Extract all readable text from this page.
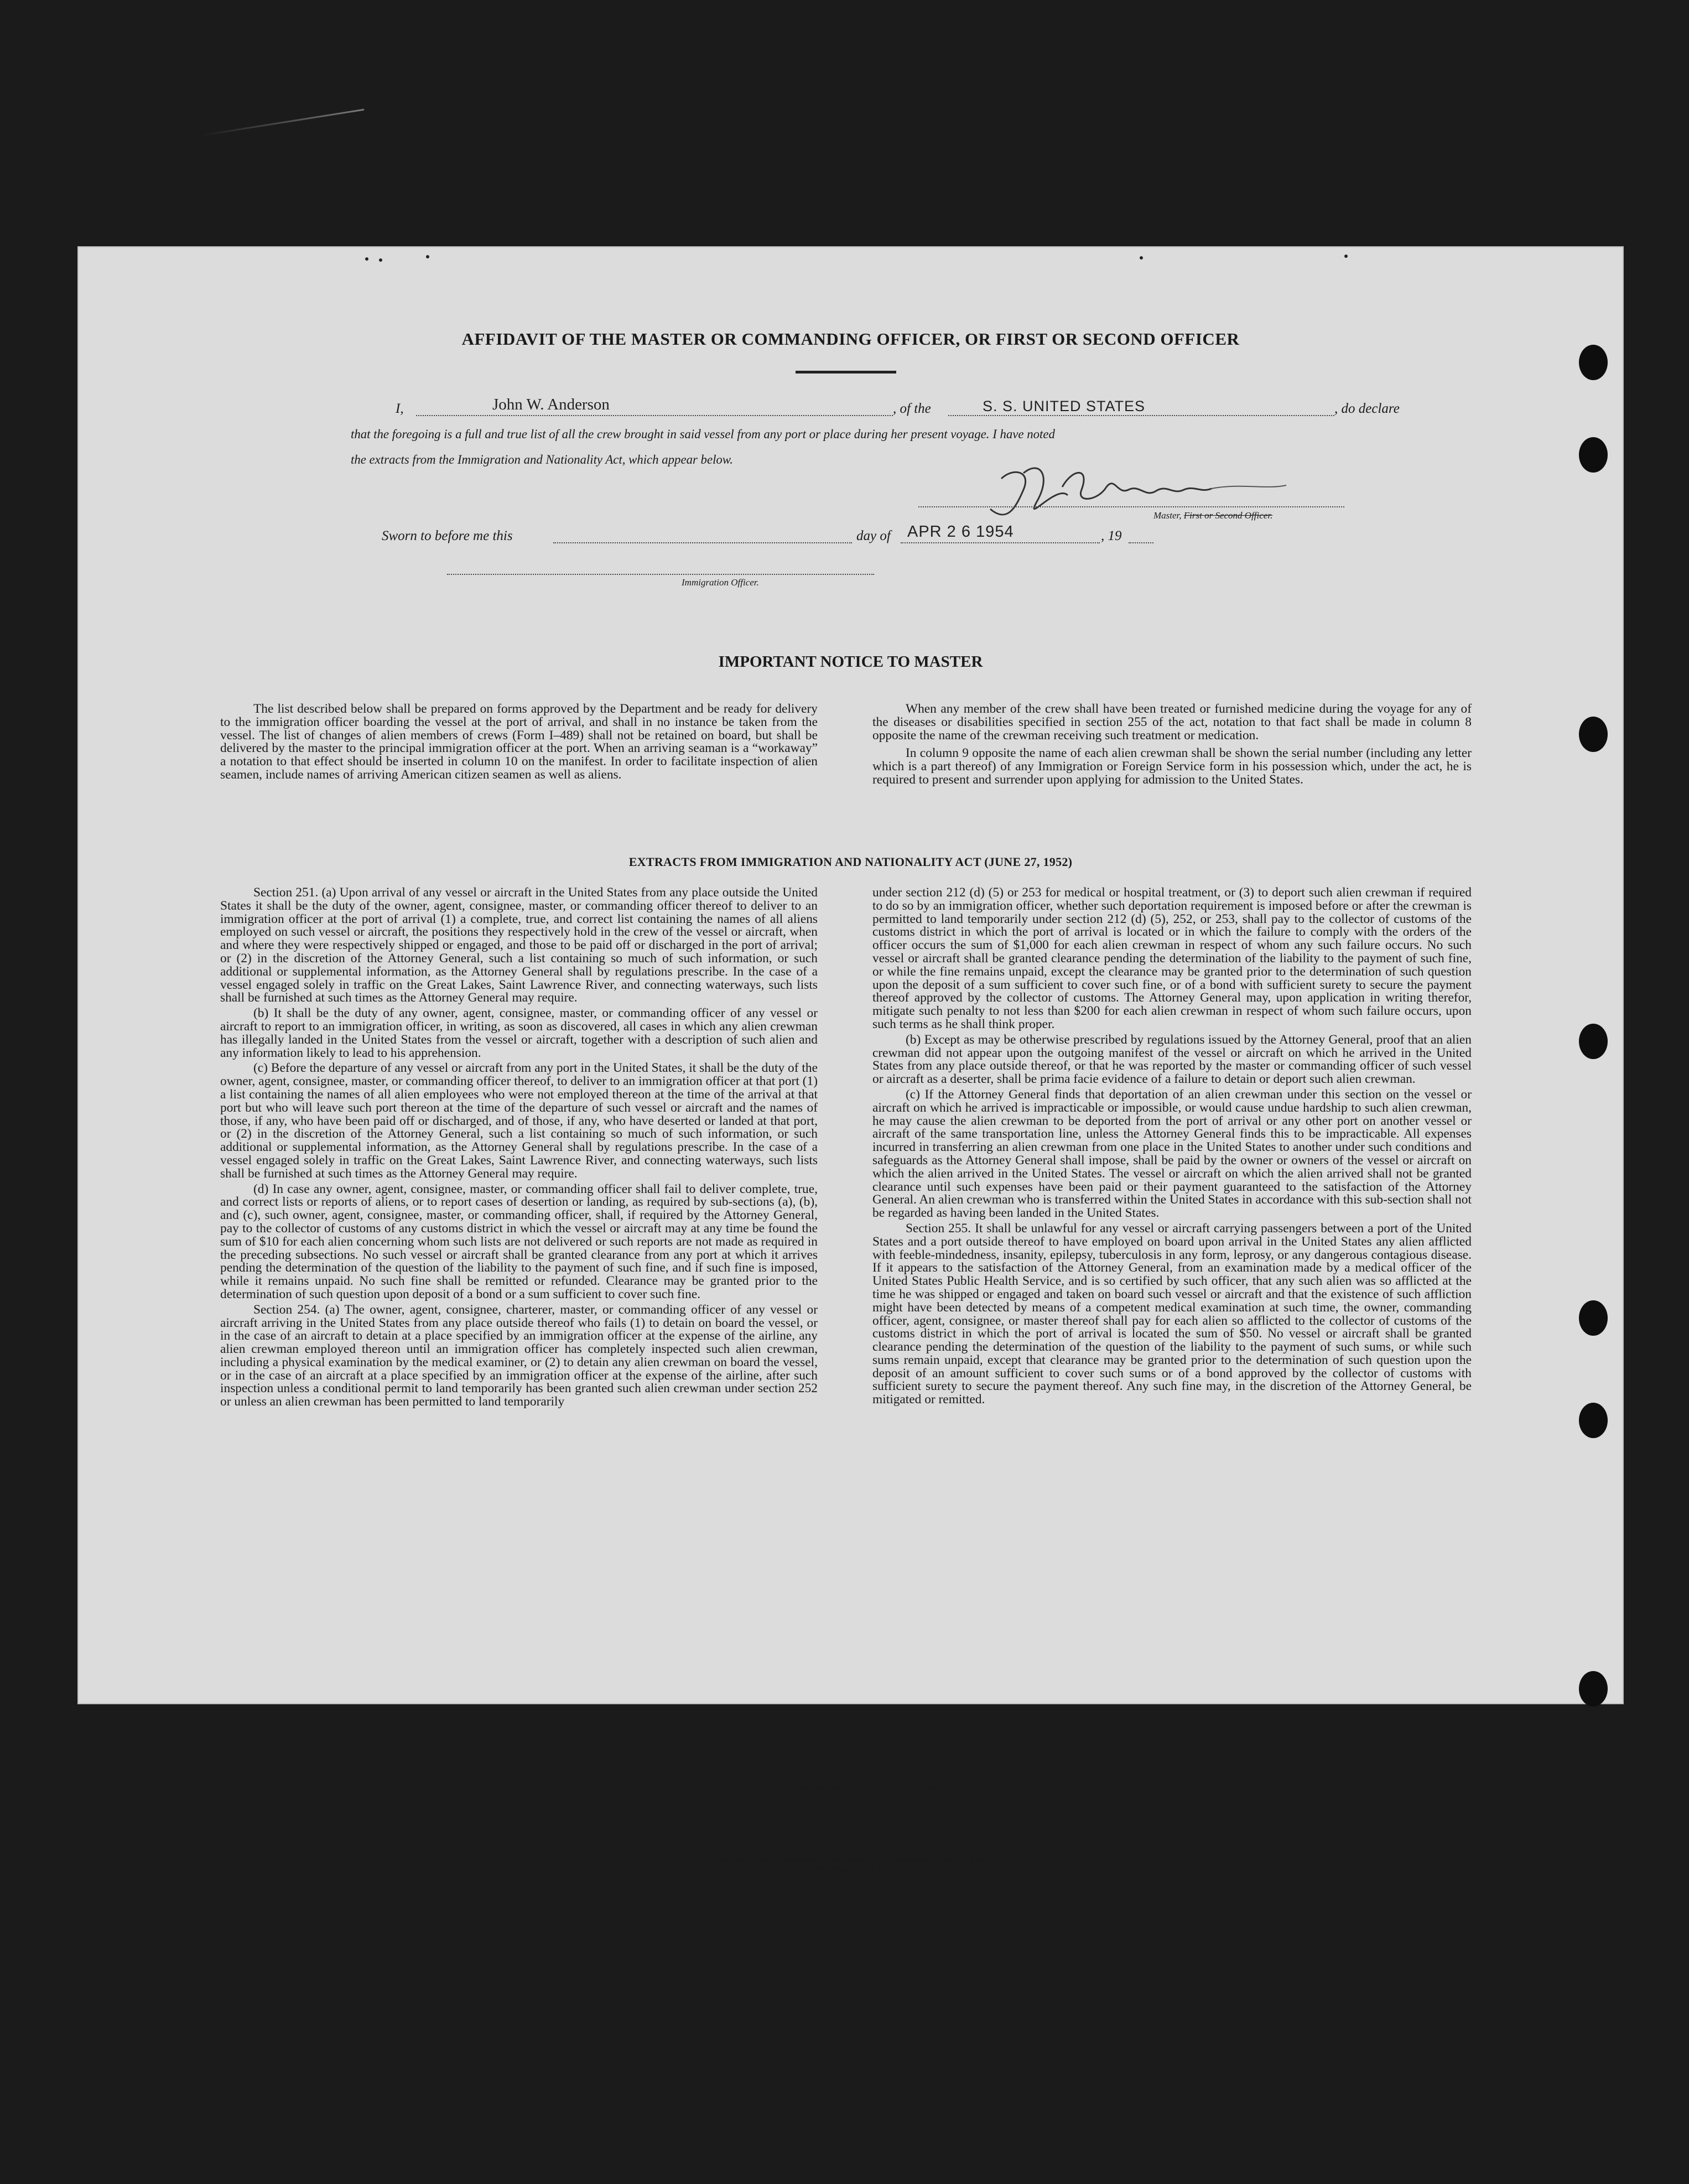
AFFIDAVIT OF THE MASTER OR COMMANDING OFFICER, OR FIRST OR SECOND OFFICER
I,	John W. Anderson	, of the	S. S. UNITED STATES	, do declare
that the foregoing is a full and true list of all the crew brought in said vessel from any port or place during her present voyage. I have noted
the extracts from the Immigration and Nationality Act, which appear below.
Master, First or Second Officer.
Sworn to before me this	day of APR 2 6 1954	, 19
Immigration Officer.
IMPORTANT NOTICE TO MASTER

The list described below shall be prepared on forms approved by the Department and be ready for delivery to the immigration officer boarding the vessel at the port of arrival, and shall in no instance be taken from the vessel. The list of changes of alien members of crews (Form I–489) shall not be retained on board, but shall be delivered by the master to the principal immigration officer at the port. When an arriving seaman is a “workaway” a notation to that effect should be inserted in column 10 on the manifest. In order to facilitate inspection of alien seamen, include names of arriving American citizen seamen as well as aliens.

When any member of the crew shall have been treated or furnished medicine during the voyage for any of the diseases or disabilities specified in section 255 of the act, notation to that fact shall be made in column 8 opposite the name of the crewman receiving such treatment or medication.

In column 9 opposite the name of each alien crewman shall be shown the serial number (including any letter which is a part thereof) of any Immigration or Foreign Service form in his possession which, under the act, he is required to present and surrender upon applying for admission to the United States.

EXTRACTS FROM IMMIGRATION AND NATIONALITY ACT (JUNE 27, 1952)

Section 251. (a) Upon arrival of any vessel or aircraft in the United States from any place outside the United States it shall be the duty of the owner, agent, consignee, master, or commanding officer thereof to deliver to an immigration officer at the port of arrival (1) a complete, true, and correct list containing the names of all aliens employed on such vessel or aircraft, the positions they respectively hold in the crew of the vessel or aircraft, when and where they were respectively shipped or engaged, and those to be paid off or discharged in the port of arrival; or (2) in the discretion of the Attorney General, such a list containing so much of such information, or such additional or supplemental information, as the Attorney General shall by regulations prescribe. In the case of a vessel engaged solely in traffic on the Great Lakes, Saint Lawrence River, and connecting waterways, such lists shall be furnished at such times as the Attorney General may require.

(b) It shall be the duty of any owner, agent, consignee, master, or commanding officer of any vessel or aircraft to report to an immigration officer, in writing, as soon as discovered, all cases in which any alien crewman has illegally landed in the United States from the vessel or aircraft, together with a description of such alien and any information likely to lead to his apprehension.

(c) Before the departure of any vessel or aircraft from any port in the United States, it shall be the duty of the owner, agent, consignee, master, or commanding officer thereof, to deliver to an immigration officer at that port (1) a list containing the names of all alien employees who were not employed thereon at the time of the arrival at that port but who will leave such port thereon at the time of the departure of such vessel or aircraft and the names of those, if any, who have been paid off or discharged, and of those, if any, who have deserted or landed at that port, or (2) in the discretion of the Attorney General, such a list containing so much of such information, or such additional or supplemental information, as the Attorney General shall by regulations prescribe. In the case of a vessel engaged solely in traffic on the Great Lakes, Saint Lawrence River, and connecting waterways, such lists shall be furnished at such times as the Attorney General may require.

(d) In case any owner, agent, consignee, master, or commanding officer shall fail to deliver complete, true, and correct lists or reports of aliens, or to report cases of desertion or landing, as required by sub-sections (a), (b), and (c), such owner, agent, consignee, master, or commanding officer, shall, if required by the Attorney General, pay to the collector of customs of any customs district in which the vessel or aircraft may at any time be found the sum of $10 for each alien concerning whom such lists are not delivered or such reports are not made as required in the preceding subsections. No such vessel or aircraft shall be granted clearance from any port at which it arrives pending the determination of the question of the liability to the payment of such fine, and if such fine is imposed, while it remains unpaid. No such fine shall be remitted or refunded. Clearance may be granted prior to the determination of such question upon deposit of a bond or a sum sufficient to cover such fine.

Section 254. (a) The owner, agent, consignee, charterer, master, or commanding officer of any vessel or aircraft arriving in the United States from any place outside thereof who fails (1) to detain on board the vessel, or in the case of an aircraft to detain at a place specified by an immigration officer at the expense of the airline, any alien crewman employed thereon until an immigration officer has completely inspected such alien crewman, including a physical examination by the medical examiner, or (2) to detain any alien crewman on board the vessel, or in the case of an aircraft at a place specified by an immigration officer at the expense of the airline, after such inspection unless a conditional permit to land temporarily has been granted such alien crewman under section 252 or unless an alien crewman has been permitted to land temporarily

under section 212 (d) (5) or 253 for medical or hospital treatment, or (3) to deport such alien crewman if required to do so by an immigration officer, whether such deportation requirement is imposed before or after the crewman is permitted to land temporarily under section 212 (d) (5), 252, or 253, shall pay to the collector of customs of the customs district in which the port of arrival is located or in which the failure to comply with the orders of the officer occurs the sum of $1,000 for each alien crewman in respect of whom any such failure occurs. No such vessel or aircraft shall be granted clearance pending the determination of the liability to the payment of such fine, or while the fine remains unpaid, except the clearance may be granted prior to the determination of such question upon the deposit of a sum sufficient to cover such fine, or of a bond with sufficient surety to secure the payment thereof approved by the collector of customs. The Attorney General may, upon application in writing therefor, mitigate such penalty to not less than $200 for each alien crewman in respect of whom such failure occurs, upon such terms as he shall think proper.

(b) Except as may be otherwise prescribed by regulations issued by the Attorney General, proof that an alien crewman did not appear upon the outgoing manifest of the vessel or aircraft on which he arrived in the United States from any place outside thereof, or that he was reported by the master or commanding officer of such vessel or aircraft as a deserter, shall be prima facie evidence of a failure to detain or deport such alien crewman.

(c) If the Attorney General finds that deportation of an alien crewman under this section on the vessel or aircraft on which he arrived is impracticable or impossible, or would cause undue hardship to such alien crewman, he may cause the alien crewman to be deported from the port of arrival or any other port on another vessel or aircraft of the same transportation line, unless the Attorney General finds this to be impracticable. All expenses incurred in transferring an alien crewman from one place in the United States to another under such conditions and safeguards as the Attorney General shall impose, shall be paid by the owner or owners of the vessel or aircraft on which the alien arrived in the United States. The vessel or aircraft on which the alien arrived shall not be granted clearance until such expenses have been paid or their payment guaranteed to the satisfaction of the Attorney General. An alien crewman who is transferred within the United States in accordance with this sub-section shall not be regarded as having been landed in the United States.

Section 255. It shall be unlawful for any vessel or aircraft carrying passengers between a port of the United States and a port outside thereof to have employed on board upon arrival in the United States any alien afflicted with feeble-mindedness, insanity, epilepsy, tuberculosis in any form, leprosy, or any dangerous contagious disease. If it appears to the satisfaction of the Attorney General, from an examination made by a medical officer of the United States Public Health Service, and is so certified by such officer, that any such alien was so afflicted at the time he was shipped or engaged and taken on board such vessel or aircraft and that the existence of such affliction might have been detected by means of a competent medical examination at such time, the owner, commanding officer, agent, consignee, or master thereof shall pay for each alien so afflicted to the collector of customs of the customs district in which the port of arrival is located the sum of $50. No vessel or aircraft shall be granted clearance pending the determination of the question of the liability to the payment of such sums, or while such sums remain unpaid, except that clearance may be granted prior to the determination of such question upon the deposit of an amount sufficient to cover such sums or of a bond approved by the collector of customs with sufficient surety to secure the payment thereof. Any such fine may, in the discretion of the Attorney General, be mitigated or remitted.

U. S. GOVERNMENT PRINTING OFFICE 16—07829-1
For sale by the Superintendent of Documents, U. S. Government Printing Office
Washington 25, D. C.
